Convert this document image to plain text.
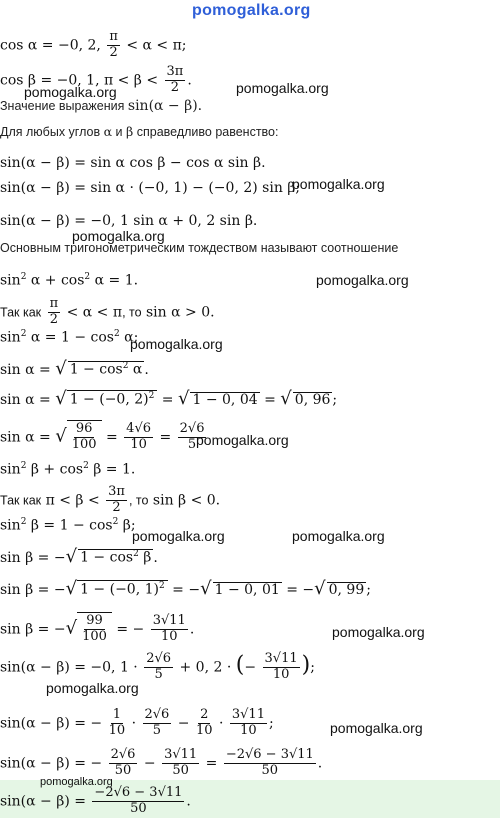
cos α = −0, 2, $\frac{\pi}{2} < \alpha < \pi$;
cos β = −0, 1, $\pi < \beta < \frac{3\pi}{2}$ .
Значение выражения sin(α − β).
Для любых углов α и β справедливо равенство:
sin(α − β) = sin α cos β − cos α sin β.
sin(α − β) = sin α · (−0, 1) − (−0, 2) sin β;
sin(α − β) = −0, 1 sin α + 0, 2 sin β.
Основным тригонометрическим тождеством называют соотношение
$\sin^2 \alpha + \cos^2 \alpha = 1$.
Так как $\frac{\pi}{2} < \alpha < \pi$, то sin α > 0.
$\sin^2 \alpha = 1 - \cos^2 \alpha$;
sin α = √ $1 - \cos^2 \alpha$ .
sin α = √ 1 − (−0, 2)$^2$ = √ 1 − 0, 04 = √ 0, 96 ;
sin α = √ $\frac{96}{100} = \frac{4√6}{10} = \frac{2√6}{5}$
$\sin^2 \beta + \cos^2 \beta = 1$.
Так как $\pi < \beta < \frac{3\pi}{2}$ , то sin β < 0.
$\sin^2 \beta = 1 - \cos^2 \beta$;
sin β = −√ $1 - \cos^2 \beta$ .
sin β = −√ 1 − (−0, 1)$^2$ = −√ 1 − 0, 01 = −√ 0, 99 ;
sin β = −√ $\frac{99}{100}$ = − $\frac{3√11}{10}$ .
sin(α − β) = −0, $1 \cdot \frac{2√6}{5} + 0$, 2 · (− $\frac{3√11}{10}$ );
sin(α − β) = − $\frac{1}{10} \cdot \frac{2√6}{5} - \frac{2}{10} \cdot \frac{3√11}{10}$ ;
sin(α − β) = − $\frac{2√6}{50} - \frac{3√11}{50} = \frac{-2√6 - 3√11}{50}$ .
$\sin(\alpha - \beta) = \frac{-2√6 - 3√11}{50}$ .
pomogalka.org
pomogalka.org
pomogalka.org
pomogalka.org
pomogalka.org
pomogalka.org
pomogalka.org
pomogalka.org
pomogalka.org	pomogalka.org
pomogalka.org
pomogalka.org
pomogalka.org
pomogalka.org
